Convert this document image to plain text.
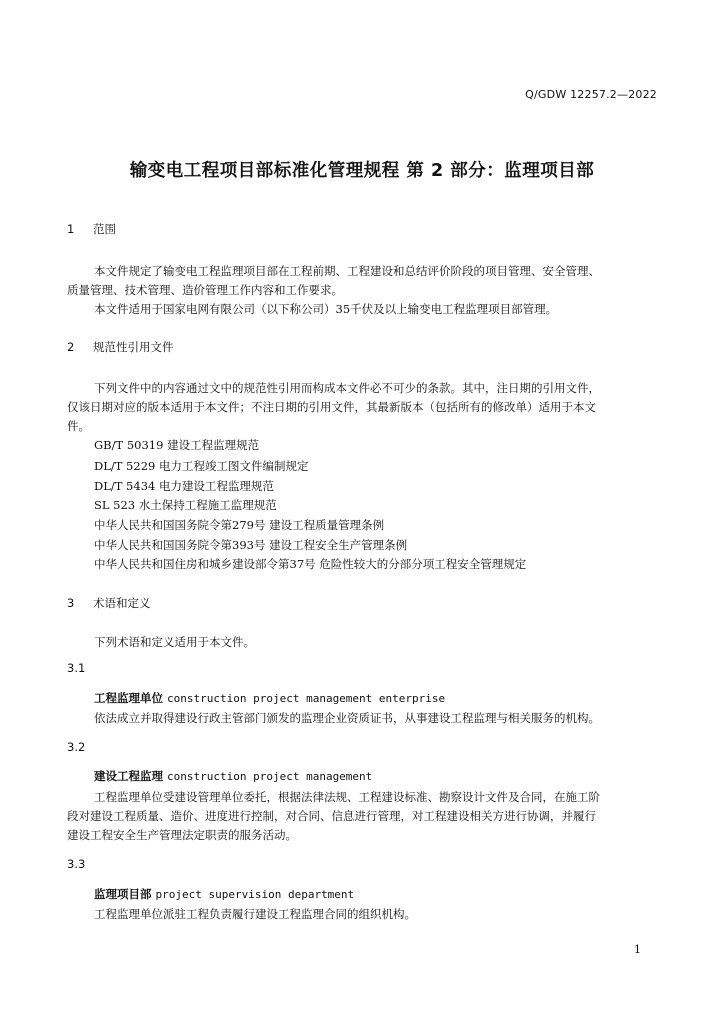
Q/GDW 12257.2—2022
输变电工程项目部标准化管理规程 第 2 部分：监理项目部
1 范围
本文件规定了输变电工程监理项目部在工程前期、工程建设和总结评价阶段的项目管理、安全管理、
质量管理、技术管理、造价管理工作内容和工作要求。
本文件适用于国家电网有限公司（以下称公司）35千伏及以上输变电工程监理项目部管理。
2 规范性引用文件
下列文件中的内容通过文中的规范性引用而构成本文件必不可少的条款。其中，注日期的引用文件，
仅该日期对应的版本适用于本文件；不注日期的引用文件，其最新版本（包括所有的修改单）适用于本文
件。
GB/T 50319 建设工程监理规范
DL/T 5229 电力工程竣工图文件编制规定
DL/T 5434 电力建设工程监理规范
SL 523 水土保持工程施工监理规范
中华人民共和国国务院令第279号 建设工程质量管理条例
中华人民共和国国务院令第393号 建设工程安全生产管理条例
中华人民共和国住房和城乡建设部令第37号 危险性较大的分部分项工程安全管理规定
3 术语和定义
下列术语和定义适用于本文件。
3.1
工程监理单位 construction project management enterprise
依法成立并取得建设行政主管部门颁发的监理企业资质证书，从事建设工程监理与相关服务的机构。
3.2
建设工程监理 construction project management
工程监理单位受建设管理单位委托，根据法律法规、工程建设标准、勘察设计文件及合同，在施工阶
段对建设工程质量、造价、进度进行控制，对合同、信息进行管理，对工程建设相关方进行协调，并履行
建设工程安全生产管理法定职责的服务活动。
3.3
监理项目部 project supervision department
工程监理单位派驻工程负责履行建设工程监理合同的组织机构。
1
